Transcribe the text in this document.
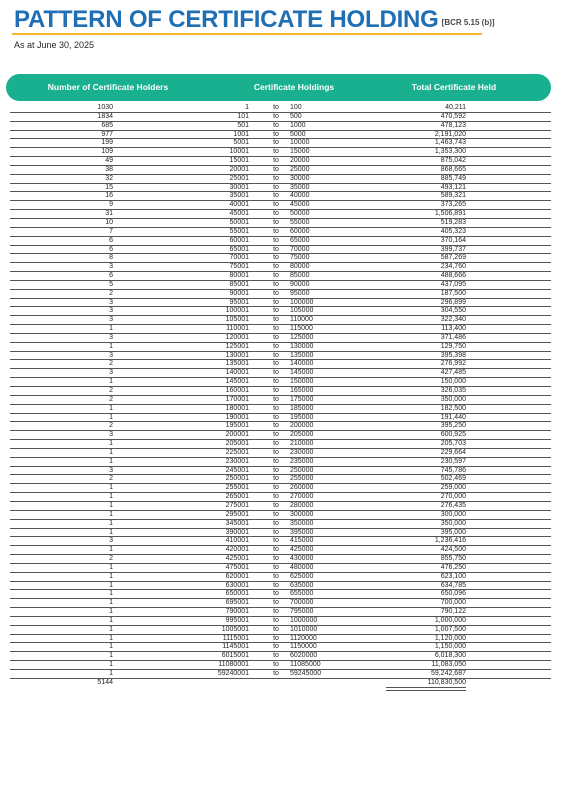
PATTERN OF CERTIFICATE HOLDING [BCR 5.15 (b)]
As at June 30, 2025
Number of Certificate Holders	Certificate Holdings	Total Certificate Held
1030	1	to	100	40,211
1834	101	to	500	470,592
685	501	to	1000	478,123
977	1001	to	5000	2,191,020
199	5001	to	10000	1,463,743
109	10001	to	15000	1,353,300
49	15001	to	20000	875,042
38	20001	to	25000	868,665
32	25001	to	30000	885,749
15	30001	to	35000	493,121
16	35001	to	40000	589,321
9	40001	to	45000	373,265
31	45001	to	50000	1,506,891
10	50001	to	55000	519,283
7	55001	to	60000	405,323
6	60001	to	65000	370,164
6	65001	to	70000	399,737
8	70001	to	75000	587,269
3	75001	to	80000	234,760
6	80001	to	85000	488,666
5	85001	to	90000	437,095
2	90001	to	95000	187,500
3	95001	to	100000	296,899
3	100001	to	105000	304,550
3	105001	to	110000	322,340
1	110001	to	115000	113,400
3	120001	to	125000	371,486
1	125001	to	130000	129,750
3	130001	to	135000	395,398
2	135001	to	140000	276,992
3	140001	to	145000	427,485
1	145001	to	150000	150,000
2	160001	to	165000	326,035
2	170001	to	175000	350,000
1	180001	to	185000	182,500
1	190001	to	195000	191,440
2	195001	to	200000	395,250
3	200001	to	205000	600,925
1	205001	to	210000	205,703
1	225001	to	230000	229,664
1	230001	to	235000	230,597
3	245001	to	250000	745,786
2	250001	to	255000	502,469
1	255001	to	260000	259,000
1	265001	to	270000	270,000
1	275001	to	280000	276,435
1	295001	to	300000	300,000
1	345001	to	350000	350,000
1	390001	to	395000	395,000
3	410001	to	415000	1,236,416
1	420001	to	425000	424,500
2	425001	to	430000	855,750
1	475001	to	480000	476,250
1	620001	to	625000	623,100
1	630001	to	635000	634,785
1	650001	to	655000	650,096
1	695001	to	700000	700,000
1	790001	to	795000	790,122
1	995001	to	1000000	1,000,000
1	1005001	to	1010000	1,007,500
1	1115001	to	1120000	1,120,000
1	1145001	to	1150000	1,150,000
1	6015001	to	6020000	6,018,300
1	11080001	to	11085000	11,083,050
1	59240001	to	59245000	59,242,687
5144	110,830,500
